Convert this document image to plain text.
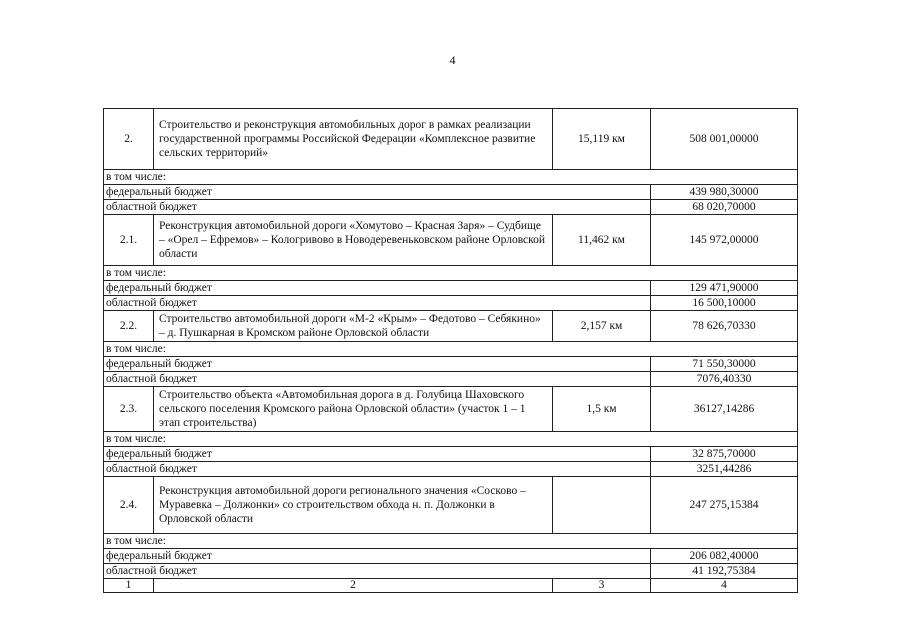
4
2.	Строительство и реконструкция автомобильных дорог в рамках реализации государственной программы Российской Федерации «Комплексное развитие сельских территорий»	15,119 км	508 001,00000
в том числе:			
федеральный бюджет			439 980,30000
областной бюджет			68 020,70000
2.1.	Реконструкция автомобильной дороги «Хомутово – Красная Заря» – Судбище – «Орел – Ефремов» – Кологривово в Новодеревеньковском районе Орловской области	11,462 км	145 972,00000
в том числе:			
федеральный бюджет			129 471,90000
областной бюджет			16 500,10000
2.2.	Строительство автомобильной дороги «М-2 «Крым» – Федотово – Себякино» – д. Пушкарная в Кромском районе Орловской области	2,157 км	78 626,70330
в том числе:			
федеральный бюджет			71 550,30000
областной бюджет			7076,40330
2.3.	Строительство объекта «Автомобильная дорога в д. Голубица Шаховского сельского поселения Кромского района Орловской области» (участок 1 – 1 этап строительства)	1,5 км	36127,14286
в том числе:			
федеральный бюджет			32 875,70000
областной бюджет			3251,44286
2.4.	Реконструкция автомобильной дороги регионального значения «Сосково – Муравевка – Должонки» со строительством обхода н. п. Должонки в Орловской области		247 275,15384
в том числе:			
федеральный бюджет			206 082,40000
областной бюджет			41 192,75384
1	2	3	4
